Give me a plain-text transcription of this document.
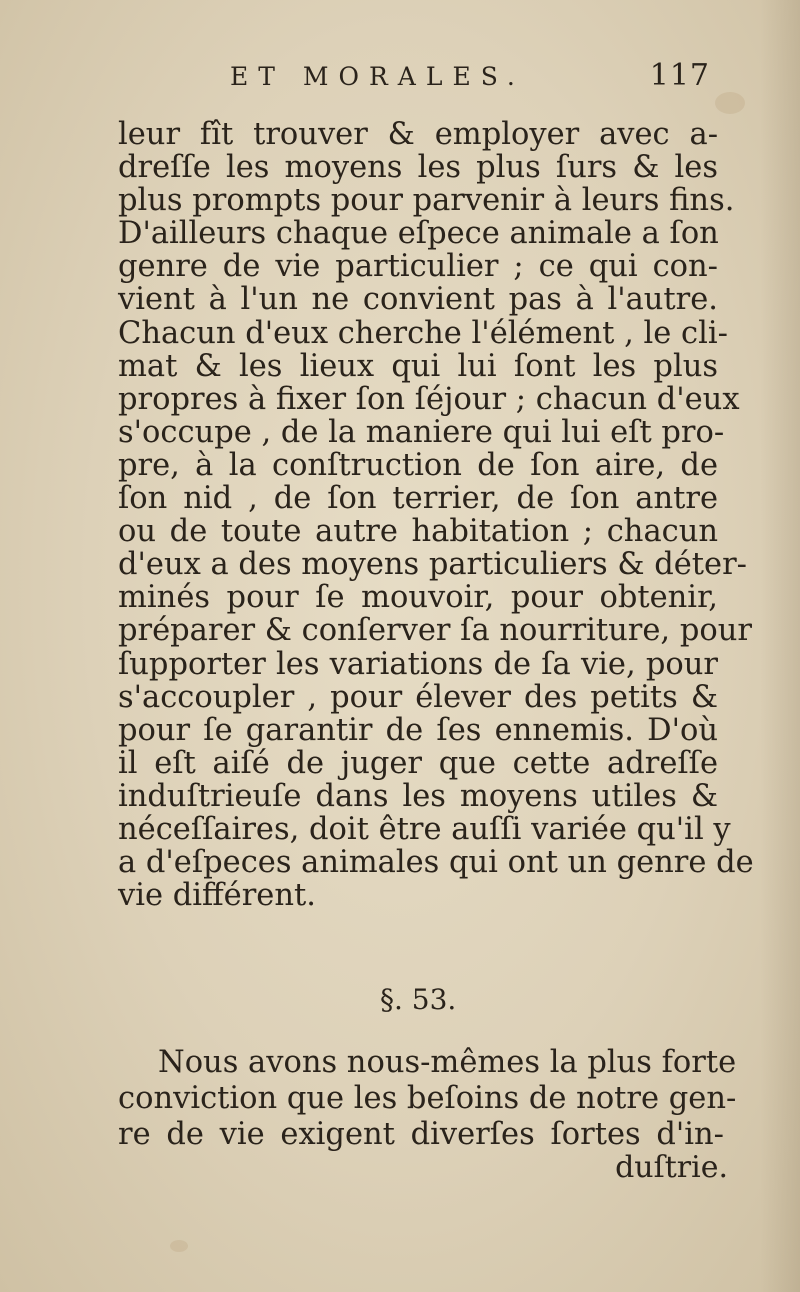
ET MORALES.	117
leur fît trouver & employer avec a-
dreſſe les moyens les plus ſurs & les
plus prompts pour parvenir à leurs fins.
D'ailleurs chaque eſpece animale a ſon
genre de vie particulier ; ce qui con-
vient à l'un ne convient pas à l'autre.
Chacun d'eux cherche l'élément , le cli-
mat & les lieux qui lui ſont les plus
propres à fixer ſon ſéjour ; chacun d'eux
s'occupe , de la maniere qui lui eſt pro-
pre, à la conſtruction de ſon aire, de
ſon nid , de ſon terrier, de ſon antre
ou de toute autre habitation ; chacun
d'eux a des moyens particuliers & déter-
minés pour ſe mouvoir, pour obtenir,
préparer & conſerver ſa nourriture, pour
ſupporter les variations de ſa vie, pour
s'accoupler , pour élever des petits &
pour ſe garantir de ſes ennemis. D'où
il eſt aiſé de juger que cette adreſſe
induſtrieuſe dans les moyens utiles &
néceſſaires, doit être auſſi variée qu'il y
a d'eſpeces animales qui ont un genre de
vie différent.
§. 53.
Nous avons nous-mêmes la plus forte
conviction que les beſoins de notre gen-
re de vie exigent diverſes ſortes d'in-
duſtrie.
